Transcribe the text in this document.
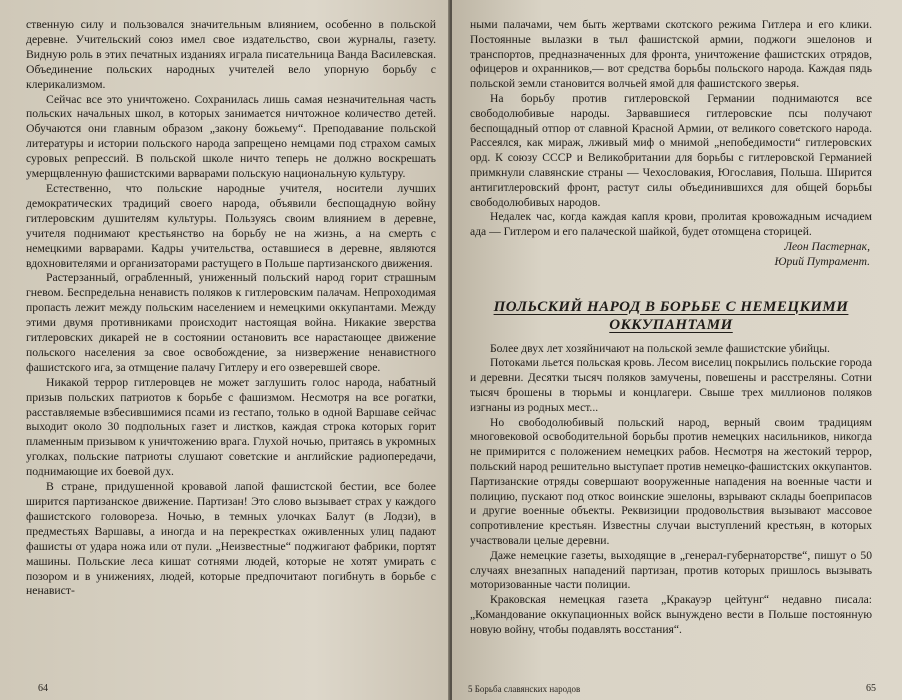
ственную силу и пользовался значительным влиянием, особенно в польской деревне. Учительский союз имел свое издательство, свои журналы, газету. Видную роль в этих печатных изданиях играла писательница Ванда Василевская. Объединение польских народных учителей вело упорную борьбу с клерикализмом.

Сейчас все это уничтожено. Сохранилась лишь самая незначительная часть польских начальных школ, в которых занимается ничтожное количество детей. Обучаются они главным образом „закону божьему“. Преподавание польской литературы и истории польского народа запрещено немцами под страхом самых суровых репрессий. В польской школе ничто теперь не должно воскрешать умерщвленную фашистскими варварами польскую национальную культуру.

Естественно, что польские народные учителя, носители лучших демократических традиций своего народа, объявили беспощадную войну гитлеровским душителям культуры. Пользуясь своим влиянием в деревне, учителя поднимают крестьянство на борьбу не на жизнь, а на смерть с немецкими варварами. Кадры учительства, оставшиеся в деревне, являются вдохновителями и организаторами растущего в Польше партизанского движения.

Растерзанный, ограбленный, униженный польский народ горит страшным гневом. Беспредельна ненависть поляков к гитлеровским палачам. Непроходимая пропасть лежит между польским населением и немецкими оккупантами. Между этими двумя противниками происходит настоящая война. Никакие зверства гитлеровских дикарей не в состоянии остановить все нарастающее движение польского населения за свое освобождение, за низвержение ненавистного фашистского ига, за отмщение палачу Гитлеру и его озверевшей своре.

Никакой террор гитлеровцев не может заглушить голос народа, набатный призыв польских патриотов к борьбе с фашизмом. Несмотря на все рогатки, расставляемые взбесившимися псами из гестапо, только в одной Варшаве сейчас выходит около 30 подпольных газет и листков, каждая строка которых горит пламенным призывом к уничтожению врага. Глухой ночью, притаясь в укромных уголках, польские патриоты слушают советские и английские радиопередачи, поднимающие их боевой дух.

В стране, придушенной кровавой лапой фашистской бестии, все более ширится партизанское движение. Партизан! Это слово вызывает страх у каждого фашистского головореза. Ночью, в темных улочках Балут (в Лодзи), в предместьях Варшавы, а иногда и на перекрестках оживленных улиц падают фашисты от удара ножа или от пули. „Неизвестные“ поджигают фабрики, портят машины. Польские леса кишат сотнями людей, которые не хотят умирать с позором и в унижениях, людей, которые предпочитают погибнуть в борьбе с ненавист-

64

ными палачами, чем быть жертвами скотского режима Гитлера и его клики. Постоянные вылазки в тыл фашистской армии, поджоги эшелонов и транспортов, предназначенных для фронта, уничтожение фашистских отрядов, офицеров и охранников,— вот средства борьбы польского народа. Каждая пядь польской земли становится волчьей ямой для фашистского зверья.

На борьбу против гитлеровской Германии поднимаются все свободолюбивые народы. Зарвавшиеся гитлеровские псы получают беспощадный отпор от славной Красной Армии, от великого советского народа. Рассеялся, как мираж, лживый миф о мнимой „непобедимости“ гитлеровских орд. К союзу СССР и Великобритании для борьбы с гитлеровской Германией примкнули славянские страны — Чехословакия, Югославия, Польша. Ширится антигитлеровский фронт, растут силы объединившихся для общей борьбы свободолюбивых народов.

Недалек час, когда каждая капля крови, пролитая кровожадным исчадием ада — Гитлером и его палаческой шайкой, будет отомщена сторицей.

Леон Пастернак,
Юрий Путрамент.
ПОЛЬСКИЙ НАРОД В БОРЬБЕ С НЕМЕЦКИМИ ОККУПАНТАМИ

Более двух лет хозяйничают на польской земле фашистские убийцы.

Потоками льется польская кровь. Лесом виселиц покрылись польские города и деревни. Десятки тысяч поляков замучены, повешены и расстреляны. Сотни тысяч брошены в тюрьмы и концлагери. Свыше трех миллионов поляков изгнаны из родных мест...

Но свободолюбивый польский народ, верный своим традициям многовековой освободительной борьбы против немецких насильников, никогда не примирится с положением немецких рабов. Несмотря на жестокий террор, польский народ решительно выступает против немецко-фашистских оккупантов. Партизанские отряды совершают вооруженные нападения на военные части и полицию, пускают под откос воинские эшелоны, взрывают склады боеприпасов и другие военные объекты. Реквизиции продовольствия вызывают массовое сопротивление крестьян. Известны случаи выступлений крестьян, в которых участвовали целые деревни.

Даже немецкие газеты, выходящие в „генерал-губернаторстве“, пишут о 50 случаях внезапных нападений партизан, против которых пришлось вызывать моторизованные части полиции.

Краковская немецкая газета „Кракауэр цейтунг“ недавно писала: „Командование оккупационных войск вынуждено вести в Польше постоянную новую войну, чтобы подавлять восстания“.

5 Борьба славянских народов	65
